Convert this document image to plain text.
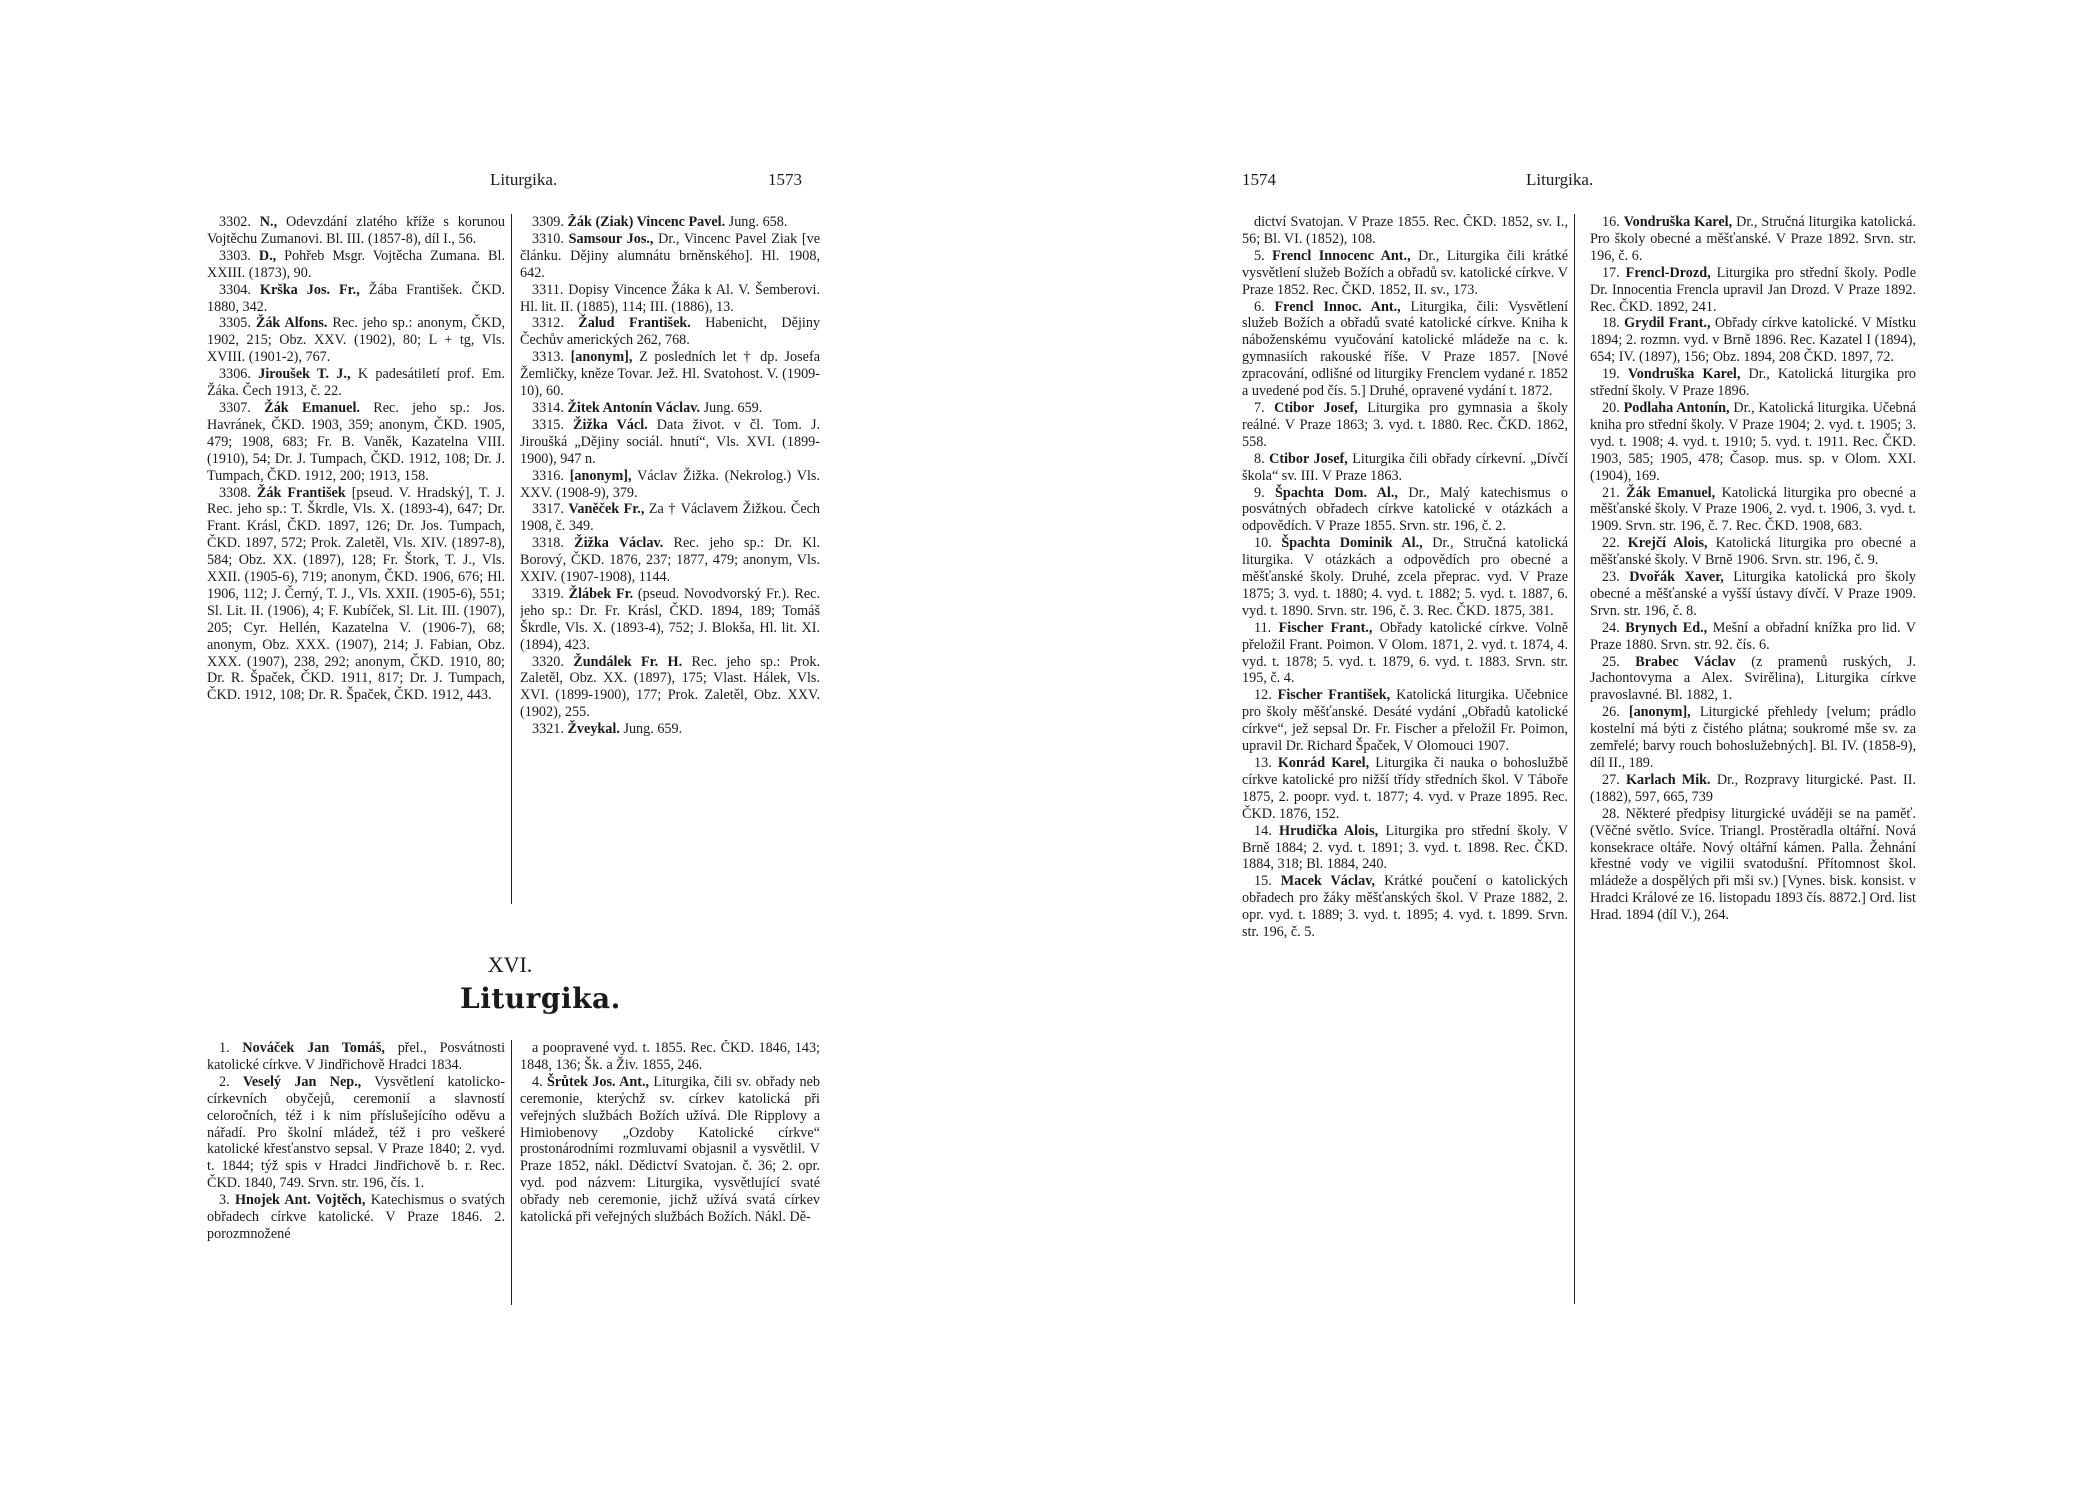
Liturgika.	1573

3302. N., Odevzdání zlatého kříže s korunou Vojtěchu Zumanovi. Bl. III. (1857-8), díl I., 56.

3303. D., Pohřeb Msgr. Vojtěcha Zumana. Bl. XXIII. (1873), 90.

3304. Krška Jos. Fr., Žába František. ČKD. 1880, 342.

3305. Žák Alfons. Rec. jeho sp.: anonym, ČKD, 1902, 215; Obz. XXV. (1902), 80; L + tg, Vls. XVIII. (1901-2), 767.

3306. Jiroušek T. J., K padesátiletí prof. Em. Žáka. Čech 1913, č. 22.

3307. Žák Emanuel. Rec. jeho sp.: Jos. Havránek, ČKD. 1903, 359; anonym, ČKD. 1905, 479; 1908, 683; Fr. B. Vaněk, Kazatelna VIII. (1910), 54; Dr. J. Tumpach, ČKD. 1912, 108; Dr. J. Tumpach, ČKD. 1912, 200; 1913, 158.

3308. Žák František [pseud. V. Hradský], T. J. Rec. jeho sp.: T. Škrdle, Vls. X. (1893-4), 647; Dr. Frant. Krásl, ČKD. 1897, 126; Dr. Jos. Tumpach, ČKD. 1897, 572; Prok. Zaletěl, Vls. XIV. (1897-8), 584; Obz. XX. (1897), 128; Fr. Štork, T. J., Vls. XXII. (1905-6), 719; anonym, ČKD. 1906, 676; Hl. 1906, 112; J. Černý, T. J., Vls. XXII. (1905-6), 551; Sl. Lit. II. (1906), 4; F. Kubíček, Sl. Lit. III. (1907), 205; Cyr. Hellén, Kazatelna V. (1906-7), 68; anonym, Obz. XXX. (1907), 214; J. Fabian, Obz. XXX. (1907), 238, 292; anonym, ČKD. 1910, 80; Dr. R. Špaček, ČKD. 1911, 817; Dr. J. Tumpach, ČKD. 1912, 108; Dr. R. Špaček, ČKD. 1912, 443.

3309. Žák (Ziak) Vincenc Pavel. Jung. 658.

3310. Samsour Jos., Dr., Vincenc Pavel Ziak [ve článku. Dějiny alumnátu brněnského]. Hl. 1908, 642.

3311. Dopisy Vincence Žáka k Al. V. Šemberovi. Hl. lit. II. (1885), 114; III. (1886), 13.

3312. Žalud František. Habenicht, Dějiny Čechův amerických 262, 768.

3313. [anonym], Z posledních let † dp. Josefa Žemličky, kněze Tovar. Jež. Hl. Svatohost. V. (1909-10), 60.

3314. Žitek Antonín Václav. Jung. 659.

3315. Žižka Václ. Data život. v čl. Tom. J. Jiroušká „Dějiny sociál. hnutí“, Vls. XVI. (1899-1900), 947 n.

3316. [anonym], Václav Žižka. (Nekrolog.) Vls. XXV. (1908-9), 379.

3317. Vaněček Fr., Za † Václavem Žižkou. Čech 1908, č. 349.

3318. Žižka Václav. Rec. jeho sp.: Dr. Kl. Borový, ČKD. 1876, 237; 1877, 479; anonym, Vls. XXIV. (1907-1908), 1144.

3319. Žlábek Fr. (pseud. Novodvorský Fr.). Rec. jeho sp.: Dr. Fr. Krásl, ČKD. 1894, 189; Tomáš Škrdle, Vls. X. (1893-4), 752; J. Blokša, Hl. lit. XI. (1894), 423.

3320. Žundálek Fr. H. Rec. jeho sp.: Prok. Zaletěl, Obz. XX. (1897), 175; Vlast. Hálek, Vls. XVI. (1899-1900), 177; Prok. Zaletěl, Obz. XXV. (1902), 255.

3321. Žveykal. Jung. 659.

XVI.
Liturgika.

1. Nováček Jan Tomáš, přel., Posvátnosti katolické církve. V Jindřichově Hradci 1834.

2. Veselý Jan Nep., Vysvětlení katolicko-církevních obyčejů, ceremonií a slavností celoročních, též i k nim příslušejícího oděvu a nářadí. Pro školní mládež, též i pro veškeré katolické křesťanstvo sepsal. V Praze 1840; 2. vyd. t. 1844; týž spis v Hradci Jindřichově b. r. Rec. ČKD. 1840, 749. Srvn. str. 196, čís. 1.

3. Hnojek Ant. Vojtěch, Katechismus o svatých obřadech církve katolické. V Praze 1846. 2. porozmnožené

a poopravené vyd. t. 1855. Rec. ČKD. 1846, 143; 1848, 136; Šk. a Živ. 1855, 246.

4. Šrůtek Jos. Ant., Liturgika, čili sv. obřady neb ceremonie, kterýchž sv. církev katolická při veřejných službách Božích užívá. Dle Ripplovy a Himiobenovy „Ozdoby Katolické církve“ prostonárodními rozmluvami objasnil a vysvětlil. V Praze 1852, nákl. Dědictví Svatojan. č. 36; 2. opr. vyd. pod názvem: Liturgika, vysvětlující svaté obřady neb ceremonie, jichž užívá svatá církev katolická při veřejných službách Božích. Nákl. Dě-

1574	Liturgika.

dictví Svatojan. V Praze 1855. Rec. ČKD. 1852, sv. I., 56; Bl. VI. (1852), 108.

5. Frencl Innocenc Ant., Dr., Liturgika čili krátké vysvětlení služeb Božích a obřadů sv. katolické církve. V Praze 1852. Rec. ČKD. 1852, II. sv., 173.

6. Frencl Innoc. Ant., Liturgika, čili: Vysvětlení služeb Božích a obřadů svaté katolické církve. Kniha k náboženskému vyučování katolické mládeže na c. k. gymnasiích rakouské říše. V Praze 1857. [Nové zpracování, odlišné od liturgiky Frenclem vydané r. 1852 a uvedené pod čís. 5.] Druhé, opravené vydání t. 1872.

7. Ctibor Josef, Liturgika pro gymnasia a školy reálné. V Praze 1863; 3. vyd. t. 1880. Rec. ČKD. 1862, 558.

8. Ctibor Josef, Liturgika čili obřady církevní. „Dívčí škola“ sv. III. V Praze 1863.

9. Špachta Dom. Al., Dr., Malý katechismus o posvátných obřadech církve katolické v otázkách a odpovědích. V Praze 1855. Srvn. str. 196, č. 2.

10. Špachta Dominik Al., Dr., Stručná katolická liturgika. V otázkách a odpovědích pro obecné a měšťanské školy. Druhé, zcela přeprac. vyd. V Praze 1875; 3. vyd. t. 1880; 4. vyd. t. 1882; 5. vyd. t. 1887, 6. vyd. t. 1890. Srvn. str. 196, č. 3. Rec. ČKD. 1875, 381.

11. Fischer Frant., Obřady katolické církve. Volně přeložil Frant. Poimon. V Olom. 1871, 2. vyd. t. 1874, 4. vyd. t. 1878; 5. vyd. t. 1879, 6. vyd. t. 1883. Srvn. str. 195, č. 4.

12. Fischer František, Katolická liturgika. Učebnice pro školy měšťanské. Desáté vydání „Obřadů katolické církve“, jež sepsal Dr. Fr. Fischer a přeložil Fr. Poimon, upravil Dr. Richard Špaček, V Olomouci 1907.

13. Konrád Karel, Liturgika či nauka o bohoslužbě církve katolické pro nižší třídy středních škol. V Táboře 1875, 2. poopr. vyd. t. 1877; 4. vyd. v Praze 1895. Rec. ČKD. 1876, 152.

14. Hrudička Alois, Liturgika pro střední školy. V Brně 1884; 2. vyd. t. 1891; 3. vyd. t. 1898. Rec. ČKD. 1884, 318; Bl. 1884, 240.

15. Macek Václav, Krátké poučení o katolických obřadech pro žáky měšťanských škol. V Praze 1882, 2. opr. vyd. t. 1889; 3. vyd. t. 1895; 4. vyd. t. 1899. Srvn. str. 196, č. 5.

16. Vondruška Karel, Dr., Stručná liturgika katolická. Pro školy obecné a měšťanské. V Praze 1892. Srvn. str. 196, č. 6.

17. Frencl-Drozd, Liturgika pro střední školy. Podle Dr. Innocentia Frencla upravil Jan Drozd. V Praze 1892. Rec. ČKD. 1892, 241.

18. Grydil Frant., Obřady církve katolické. V Místku 1894; 2. rozmn. vyd. v Brně 1896. Rec. Kazatel I (1894), 654; IV. (1897), 156; Obz. 1894, 208 ČKD. 1897, 72.

19. Vondruška Karel, Dr., Katolická liturgika pro střední školy. V Praze 1896.

20. Podlaha Antonín, Dr., Katolická liturgika. Učebná kniha pro střední školy. V Praze 1904; 2. vyd. t. 1905; 3. vyd. t. 1908; 4. vyd. t. 1910; 5. vyd. t. 1911. Rec. ČKD. 1903, 585; 1905, 478; Časop. mus. sp. v Olom. XXI. (1904), 169.

21. Žák Emanuel, Katolická liturgika pro obecné a měšťanské školy. V Praze 1906, 2. vyd. t. 1906, 3. vyd. t. 1909. Srvn. str. 196, č. 7. Rec. ČKD. 1908, 683.

22. Krejčí Alois, Katolická liturgika pro obecné a měšťanské školy. V Brně 1906. Srvn. str. 196, č. 9.

23. Dvořák Xaver, Liturgika katolická pro školy obecné a měšťanské a vyšší ústavy dívčí. V Praze 1909. Srvn. str. 196, č. 8.

24. Brynych Ed., Mešní a obřadní knížka pro lid. V Praze 1880. Srvn. str. 92. čís. 6.

25. Brabec Václav (z pramenů ruských, J. Jachontovyma a Alex. Svirělina), Liturgika církve pravoslavné. Bl. 1882, 1.

26. [anonym], Liturgické přehledy [velum; prádlo kostelní má býti z čistého plátna; soukromé mše sv. za zemřelé; barvy rouch bohoslužebných]. Bl. IV. (1858-9), díl II., 189.

27. Karlach Mik. Dr., Rozpravy liturgické. Past. II. (1882), 597, 665, 739

28. Některé předpisy liturgické uváději se na paměť. (Věčné světlo. Svíce. Triangl. Prostěradla oltářní. Nová konsekrace oltáře. Nový oltářní kámen. Palla. Žehnání křestné vody ve vigilii svatodušní. Přítomnost škol. mládeže a dospělých při mši sv.) [Vynes. bisk. konsist. v Hradci Králové ze 16. listopadu 1893 čís. 8872.] Ord. list Hrad. 1894 (díl V.), 264.
